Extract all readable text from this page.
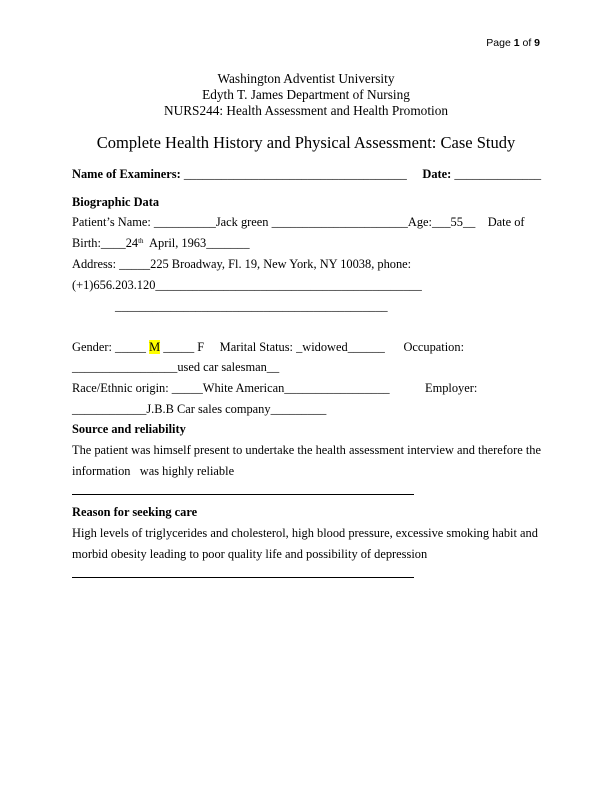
Page 1 of 9
Washington Adventist University
Edyth T. James Department of Nursing
NURS244: Health Assessment and Health Promotion
Complete Health History and Physical Assessment: Case Study
Name of Examiners: ____________________________________ Date: ______________
Biographic Data
Patient’s Name: __________Jack green ______________________Age:___55__    Date of
Birth:____24th  April, 1963_______
Address: _____225 Broadway, Fl. 19, New York, NY 10038, phone:
(+1)656.203.120___________________________________________
____________________________________________
Gender: _____ M _____ F     Marital Status: _widowed______      Occupation:
_________________used car salesman__
Race/Ethnic origin: _____White American_________________	Employer:
____________J.B.B Car sales company_________
Source and reliability
The patient was himself present to undertake the health assessment interview and therefore the
information   was highly reliable
Reason for seeking care
High levels of triglycerides and cholesterol, high blood pressure, excessive smoking habit and
morbid obesity leading to poor quality life and possibility of depression
